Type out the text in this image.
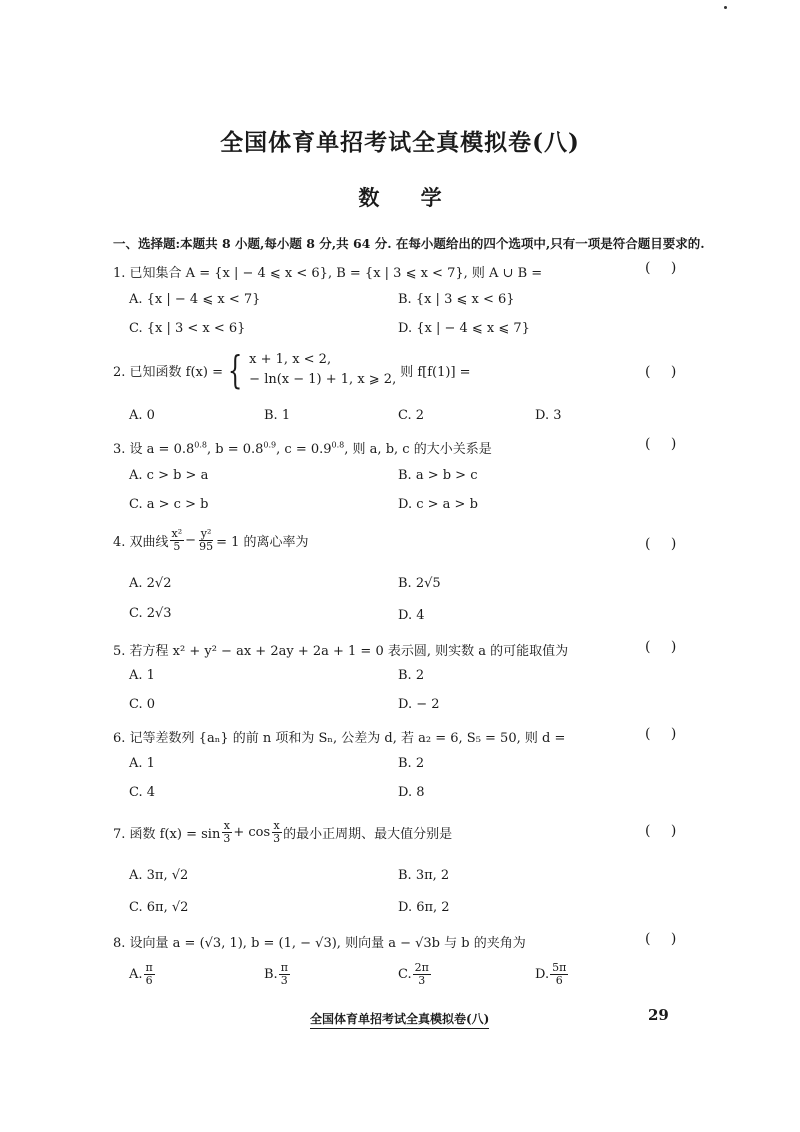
全国体育单招考试全真模拟卷(八)
数 学
一、选择题:本题共 8 小题,每小题 8 分,共 64 分. 在每小题给出的四个选项中,只有一项是符合题目要求的.
1. 已知集合 A = {x | − 4 ⩽ x < 6}, B = {x | 3 ⩽ x < 7}, 则 A ∪ B =	( )
A. {x | − 4 ⩽ x < 7}	B. {x | 3 ⩽ x < 6}
C. {x | 3 < x < 6}	D. {x | − 4 ⩽ x ⩽ 7}
2. 已知函数 f(x) = { x + 1, x < 2,
− ln(x − 1) + 1, x ⩾ 2, 则 f[f(1)] =	( )
A. 0	B. 1	C. 2	D. 3
3. 设 $a = 0.8^{0.8}$, $b = 0.8^{0.9}$, $c = 0.9^{0.8}$, 则 a, b, c 的大小关系是	( )
A. c > b > a	B. a > b > c
C. a > c > b	D. c > a > b
4. 双曲线 $\frac{\text{x²}}{5} - \frac{\text{y²}}{95} = 1$ 的离心率为	( )
A. 2√2	B. 2√5
C. 2√3	D. 4
5. 若方程 x² + y² − ax + 2ay + 2a + 1 = 0 表示圆, 则实数 a 的可能取值为	( )
A. 1	B. 2
C. 0	D. − 2
6. 记等差数列 {aₙ} 的前 n 项和为 Sₙ, 公差为 d, 若 a₂ = 6, S₅ = 50, 则 d =	( )
A. 1	B. 2
C. 4	D. 8
7. 函数 $f(x) = \sin \frac{x}{3} + \cos \frac{x}{3}$ 的最小正周期、最大值分别是	( )
A. 3π, √2	B. 3π, 2
C. 6π, √2	D. 6π, 2
8. 设向量 a = (√3, 1), b = (1, − √3), 则向量 a − √3b 与 b 的夹角为	( )
A. $\frac{\pi}{6}$	B. $\frac{\pi}{3}$	C. $\frac{2\pi}{3}$	D. $\frac{5\pi}{6}$
全国体育单招考试全真模拟卷(八)	29
